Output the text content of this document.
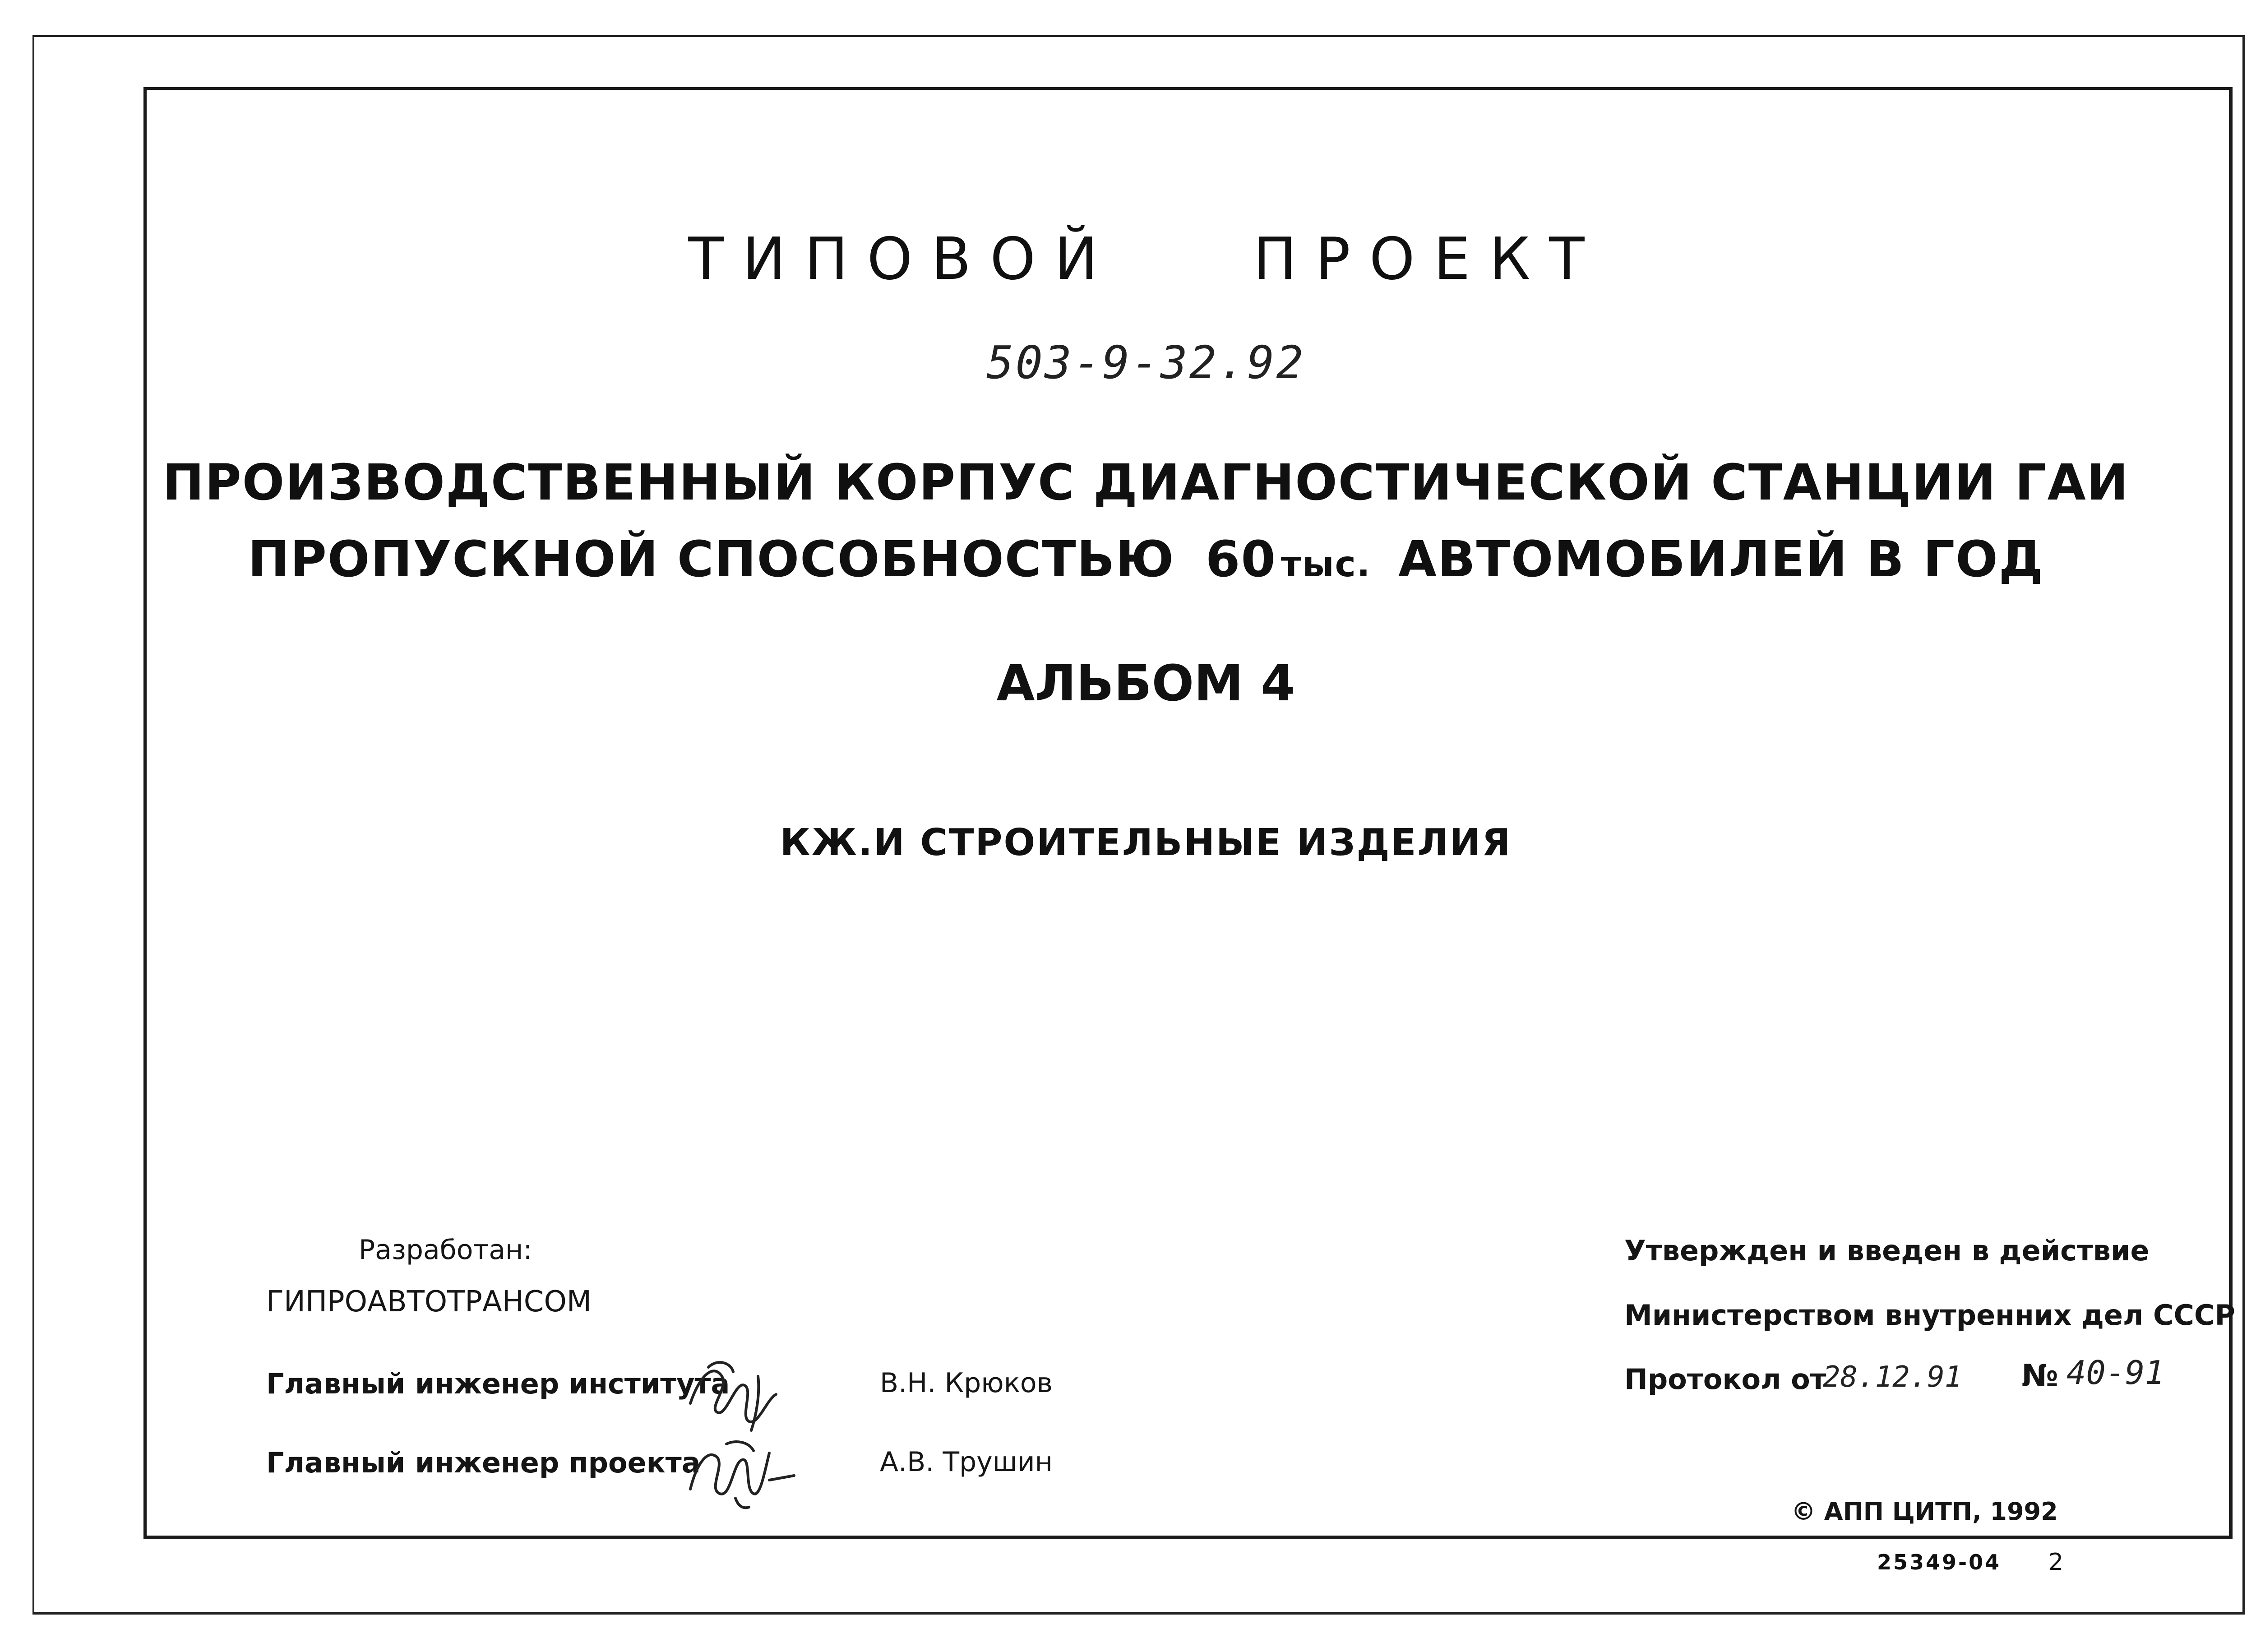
ТИПОВОЙ ПРОЕКТ
503-9-32.92
ПРОИЗВОДСТВЕННЫЙ КОРПУС ДИАГНОСТИЧЕСКОЙ СТАНЦИИ ГАИ
ПРОПУСКНОЙ СПОСОБНОСТЬЮ 60 тыс. АВТОМОБИЛЕЙ В ГОД
АЛЬБОМ 4
КЖ.И СТРОИТЕЛЬНЫЕ ИЗДЕЛИЯ
Разработан:
ГИПРОАВТОТРАНСОМ
Главный инженер института	В.Н. Крюков
Главный инженер проекта	А.В. Трушин
Утвержден и введен в действие
Министерством внутренних дел СССР
Протокол от
28.12.91 № 40-91
© АПП ЦИТП, 1992
25349-04 2
